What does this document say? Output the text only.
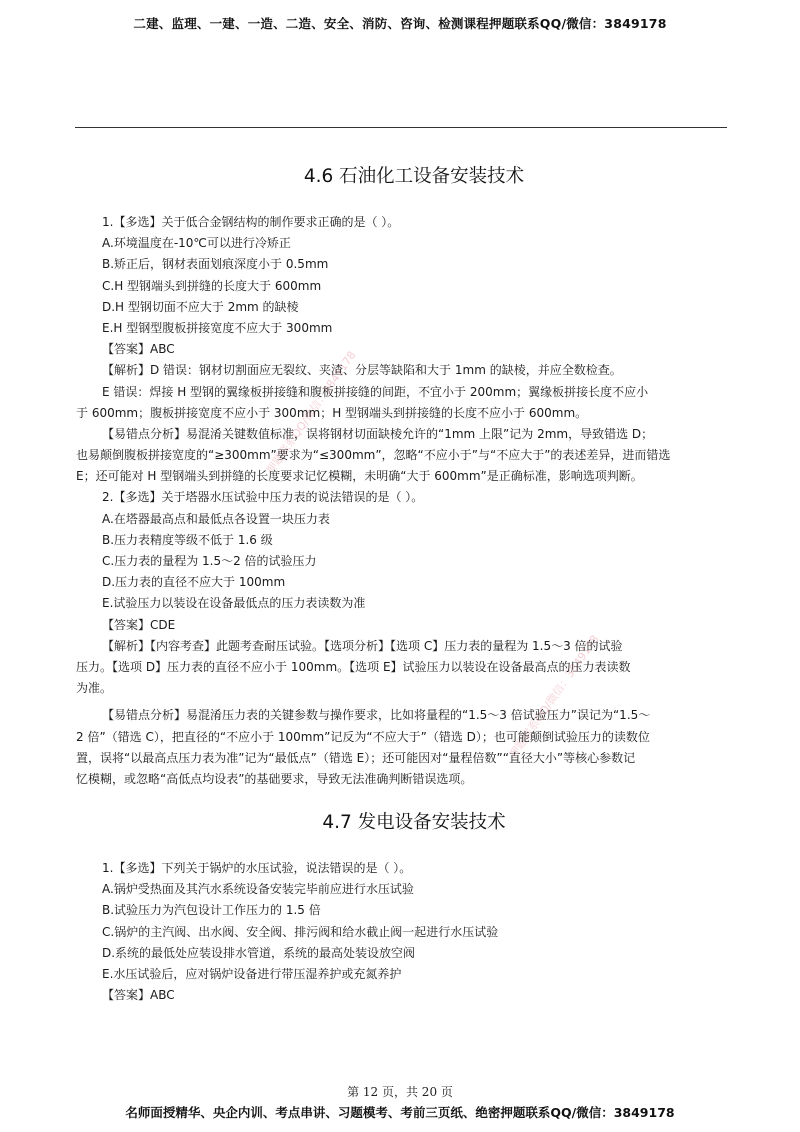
二建、监理、一建、一造、二造、安全、消防、咨询、检测课程押题联系QQ/微信：3849178
押题联系QQ/微信：3849178
押题联系QQ/微信：3849178
4.6 石油化工设备安装技术
1.【多选】关于低合金钢结构的制作要求正确的是（ ）。
A.环境温度在-10℃可以进行冷矫正
B.矫正后，钢材表面划痕深度小于 0.5mm
C.H 型钢端头到拼缝的长度大于 600mm
D.H 型钢切面不应大于 2mm 的缺棱
E.H 型钢型腹板拼接宽度不应大于 300mm
【答案】ABC
【解析】D 错误：钢材切割面应无裂纹、夹渣、分层等缺陷和大于 1mm 的缺棱，并应全数检查。
E 错误：焊接 H 型钢的翼缘板拼接缝和腹板拼接缝的间距，不宜小于 200mm；翼缘板拼接长度不应小
于 600mm；腹板拼接宽度不应小于 300mm；H 型钢端头到拼接缝的长度不应小于 600mm。
【易错点分析】易混淆关键数值标准，误将钢材切面缺棱允许的“1mm 上限”记为 2mm，导致错选 D；
也易颠倒腹板拼接宽度的“≥300mm”要求为“≤300mm”，忽略“不应小于”与“不应大于”的表述差异，进而错选
E；还可能对 H 型钢端头到拼缝的长度要求记忆模糊，未明确“大于 600mm”是正确标准，影响选项判断。
2.【多选】关于塔器水压试验中压力表的说法错误的是（ ）。
A.在塔器最高点和最低点各设置一块压力表
B.压力表精度等级不低于 1.6 级
C.压力表的量程为 1.5～2 倍的试验压力
D.压力表的直径不应大于 100mm
E.试验压力以装设在设备最低点的压力表读数为准
【答案】CDE
【解析】【内容考查】此题考查耐压试验。【选项分析】【选项 C】压力表的量程为 1.5～3 倍的试验
压力。【选项 D】压力表的直径不应小于 100mm。【选项 E】试验压力以装设在设备最高点的压力表读数
为准。
【易错点分析】易混淆压力表的关键参数与操作要求，比如将量程的“1.5～3 倍试验压力”误记为“1.5～
2 倍”（错选 C），把直径的“不应小于 100mm”记反为“不应大于”（错选 D）；也可能颠倒试验压力的读数位
置，误将“以最高点压力表为准”记为“最低点”（错选 E）；还可能因对“量程倍数”“直径大小”等核心参数记
忆模糊，或忽略“高低点均设表”的基础要求，导致无法准确判断错误选项。
4.7 发电设备安装技术
1.【多选】下列关于锅炉的水压试验，说法错误的是（ ）。
A.锅炉受热面及其汽水系统设备安装完毕前应进行水压试验
B.试验压力为汽包设计工作压力的 1.5 倍
C.锅炉的主汽阀、出水阀、安全阀、排污阀和给水截止阀一起进行水压试验
D.系统的最低处应装设排水管道，系统的最高处装设放空阀
E.水压试验后，应对锅炉设备进行带压湿养护或充氮养护
【答案】ABC
第 12 页，共 20 页
名师面授精华、央企内训、考点串讲、习题模考、考前三页纸、绝密押题联系QQ/微信：3849178
